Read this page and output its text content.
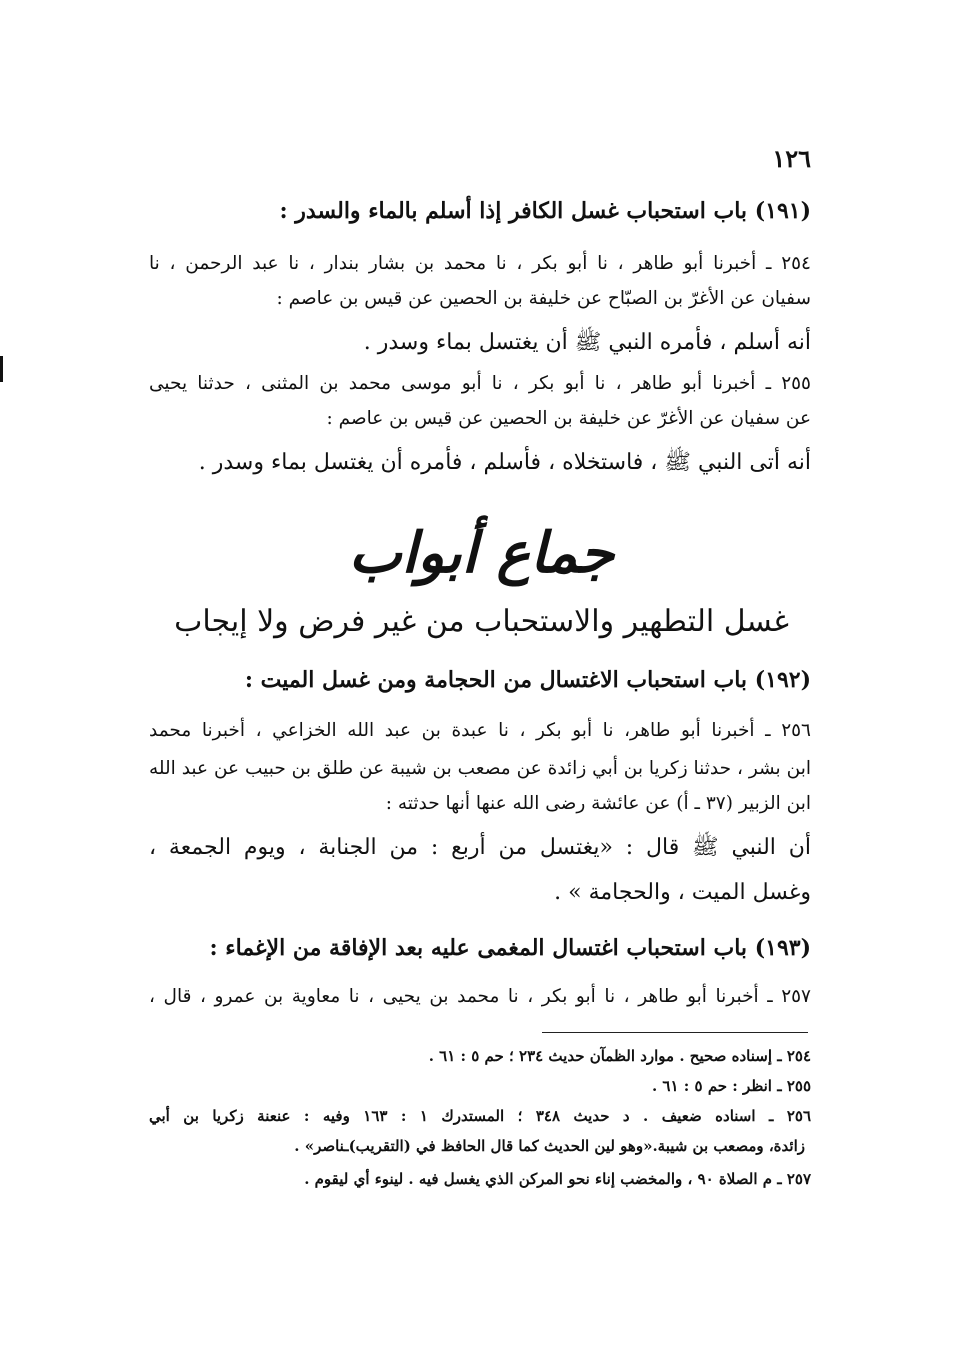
١٢٦
(١٩١) باب استحباب غسل الكافر إذا أسلم بالماء والسدر :
٢٥٤ ـ أخبرنا أبو طاهر ، نا أبو بكر ، نا محمد بن بشار بندار ، نا عبد الرحمن ، نا
سفيان عن الأغرّ بن الصبّاح عن خليفة بن الحصين عن قيس بن عاصم :
أنه أسلم ، فأمره النبي ﷺ أن يغتسل بماء وسدر .
٢٥٥ ـ أخبرنا أبو طاهر ، نا أبو بكر ، نا أبو موسى محمد بن المثنى ، حدثنا يحيى
عن سفيان عن الأغرّ عن خليفة بن الحصين عن قيس بن عاصم :
أنه أتى النبي ﷺ ، فاستخلاه ، فأسلم ، فأمره أن يغتسل بماء وسدر .
جماع أبواب
غسل التطهير والاستحباب من غير فرض ولا إيجاب
(١٩٢) باب استحباب الاغتسال من الحجامة ومن غسل الميت :
٢٥٦ ـ أخبرنا أبو طاهر، نا أبو بكر ، نا عبدة بن عبد الله الخزاعي ، أخبرنا محمد
ابن بشر ، حدثنا زكريا بن أبي زائدة عن مصعب بن شيبة عن طلق بن حبيب عن عبد الله
ابن الزبير (٣٧ ـ أ) عن عائشة رضى الله عنها أنها حدثته :
أن النبي ﷺ قال : «يغتسل من أربع : من الجنابة ، ويوم الجمعة ،
وغسل الميت ، والحجامة » .
(١٩٣) باب استحباب اغتسال المغمى عليه بعد الإفاقة من الإغماء :
٢٥٧ ـ أخبرنا أبو طاهر ، نا أبو بكر ، نا محمد بن يحيى ، نا معاوية بن عمرو ، قال ،
٢٥٤ ـ إسناده صحيح . موارد الظمآن حديث ٢٣٤ ؛ حم ٥ : ٦١ .
٢٥٥ ـ انظر : حم ٥ : ٦١ .
٢٥٦ ـ اسناده ضعيف . د حديث ٣٤٨ ؛ المستدرك ١ : ١٦٣ وفيه : عنعنة زكريا بن أبي
زائدة، ومصعب بن شيبة.«وهو لين الحديث كما قال الحافظ في (التقريب)ـناصر» .
٢٥٧ ـ م الصلاة ٩٠ ، والمخضب إناء نحو المركن الذي يغسل فيه . لينوء أي ليقوم .
